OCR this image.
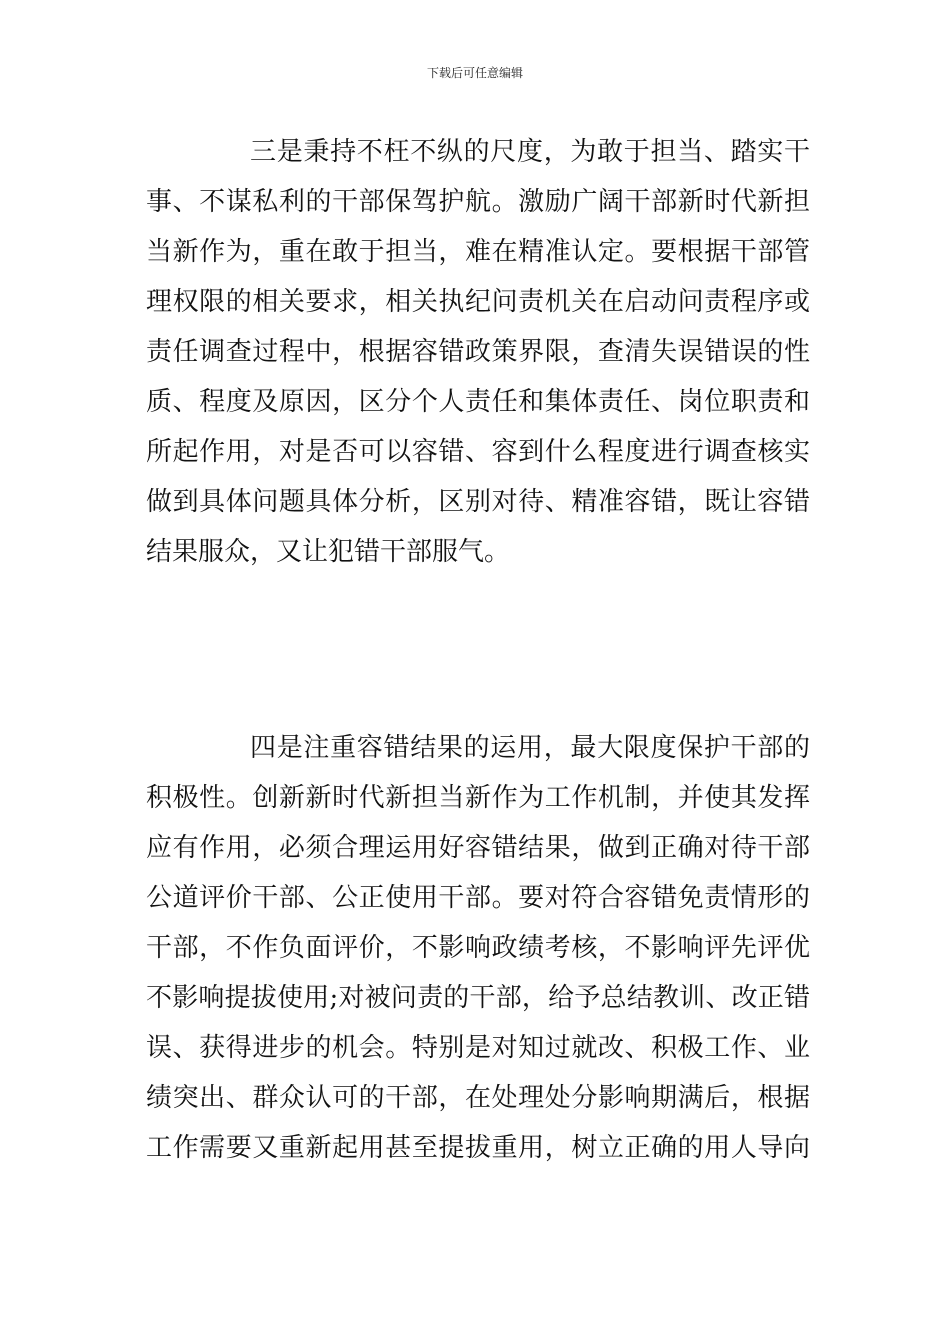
下载后可任意编辑
三是秉持不枉不纵的尺度，为敢于担当、踏实干
事、不谋私利的干部保驾护航。激励广阔干部新时代新担
当新作为，重在敢于担当，难在精准认定。要根据干部管
理权限的相关要求，相关执纪问责机关在启动问责程序或
责任调查过程中，根据容错政策界限，查清失误错误的性
质、程度及原因，区分个人责任和集体责任、岗位职责和
所起作用，对是否可以容错、容到什么程度进行调查核实
做到具体问题具体分析，区别对待、精准容错，既让容错
结果服众，又让犯错干部服气。
四是注重容错结果的运用，最大限度保护干部的
积极性。创新新时代新担当新作为工作机制，并使其发挥
应有作用，必须合理运用好容错结果，做到正确对待干部
公道评价干部、公正使用干部。要对符合容错免责情形的
干部，不作负面评价，不影响政绩考核，不影响评先评优
不影响提拔使用;对被问责的干部，给予总结教训、改正错
误、获得进步的机会。特别是对知过就改、积极工作、业
绩突出、群众认可的干部，在处理处分影响期满后，根据
工作需要又重新起用甚至提拔重用，树立正确的用人导向
